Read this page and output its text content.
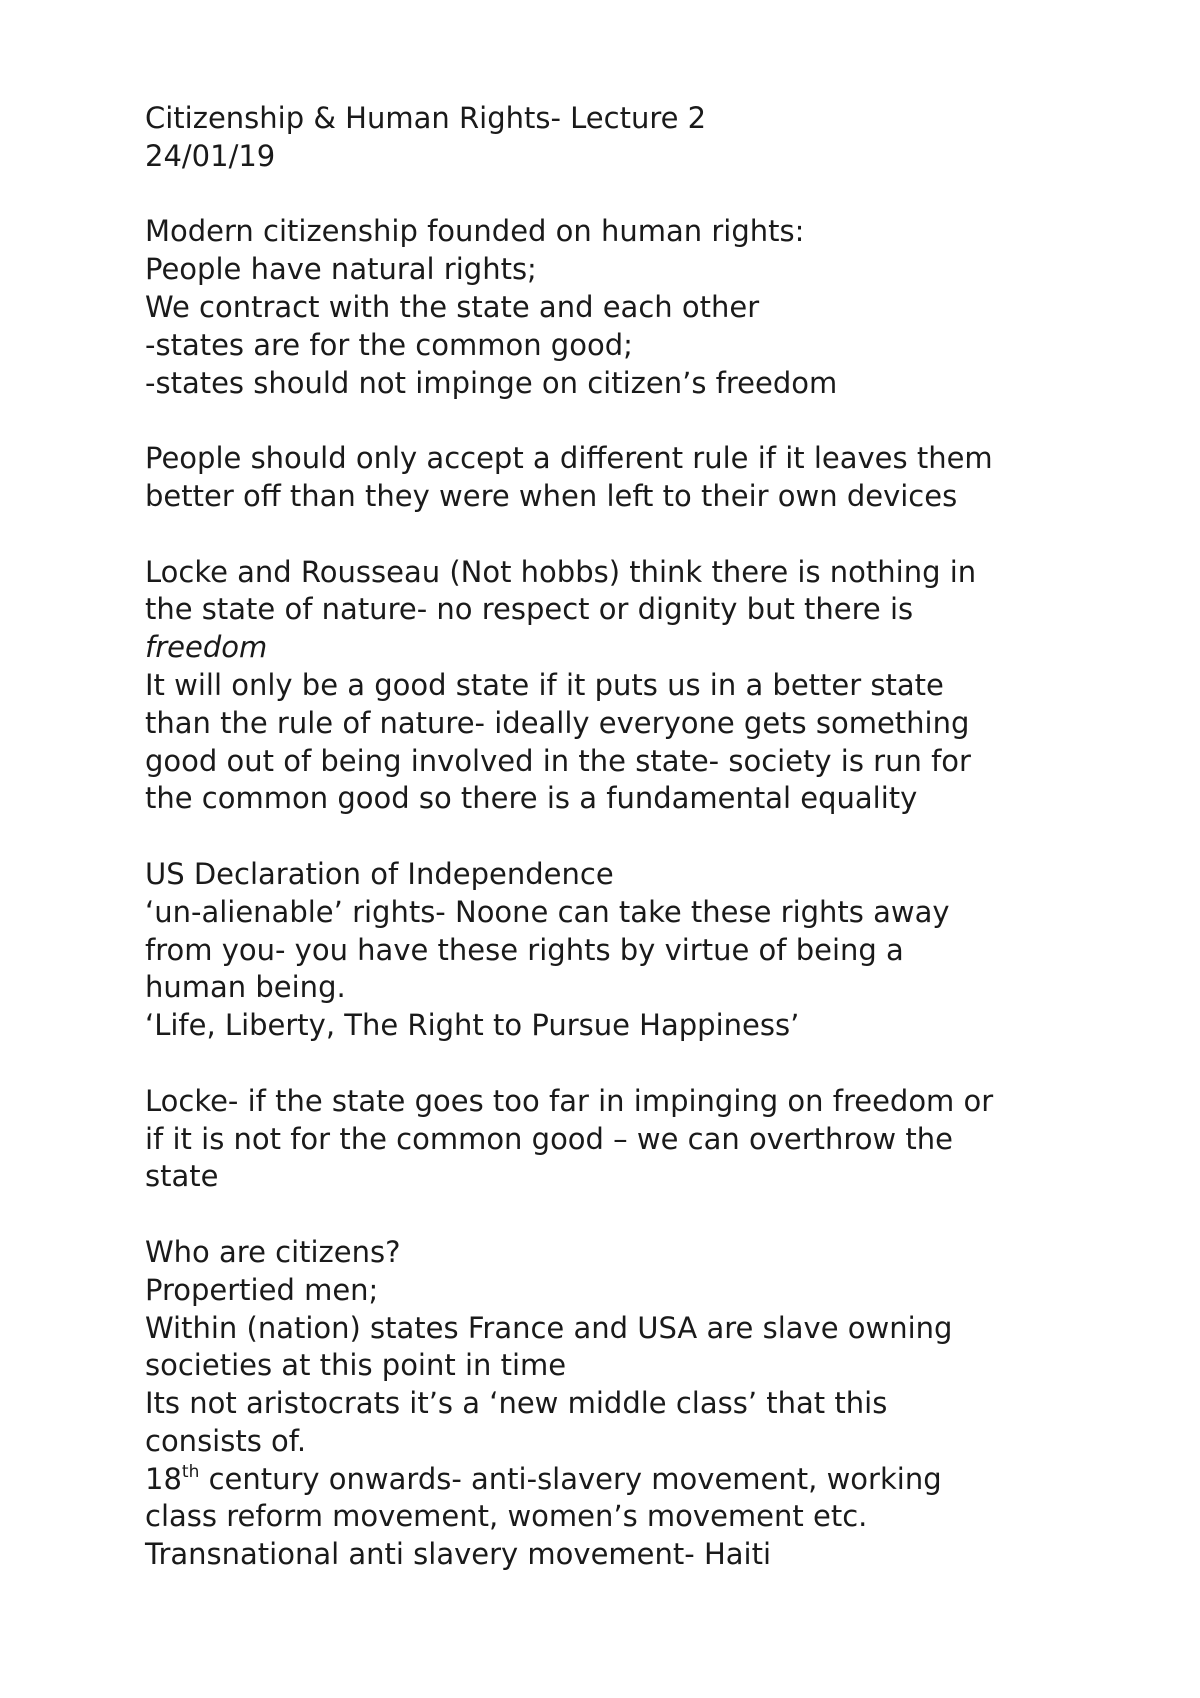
Citizenship & Human Rights- Lecture 2
24/01/19
Modern citizenship founded on human rights:
People have natural rights;
We contract with the state and each other
-states are for the common good;
-states should not impinge on citizen’s freedom
People should only accept a different rule if it leaves them
better off than they were when left to their own devices
Locke and Rousseau (Not hobbs) think there is nothing in
the state of nature- no respect or dignity but there is
freedom
It will only be a good state if it puts us in a better state
than the rule of nature- ideally everyone gets something
good out of being involved in the state- society is run for
the common good so there is a fundamental equality
US Declaration of Independence
‘un-alienable’ rights- Noone can take these rights away
from you- you have these rights by virtue of being a
human being.
‘Life, Liberty, The Right to Pursue Happiness’
Locke- if the state goes too far in impinging on freedom or
if it is not for the common good – we can overthrow the
state
Who are citizens?
Propertied men;
Within (nation) states France and USA are slave owning
societies at this point in time
Its not aristocrats it’s a ‘new middle class’ that this
consists of.
18th century onwards- anti-slavery movement, working
class reform movement, women’s movement etc.
Transnational anti slavery movement- Haiti
